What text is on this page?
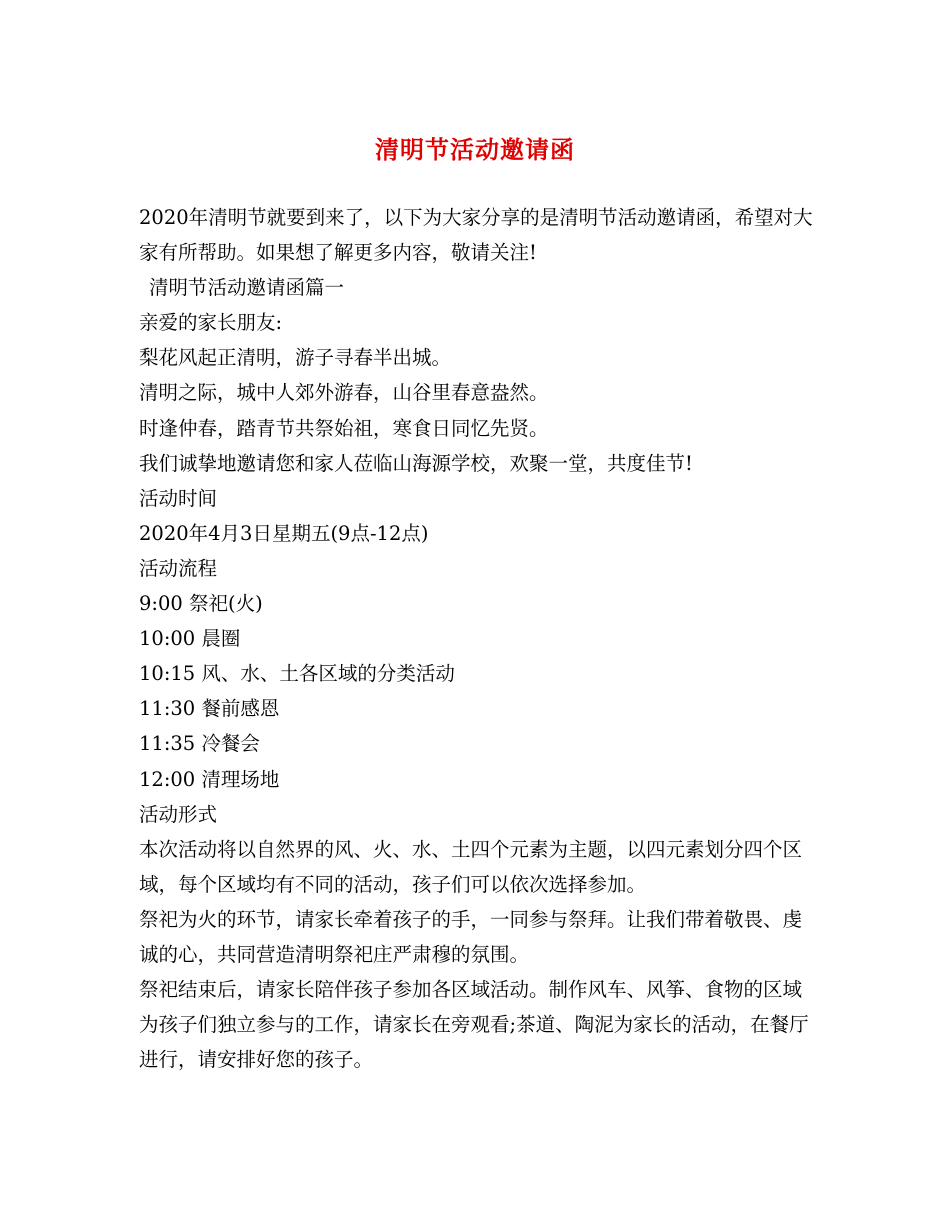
清明节活动邀请函

2020年清明节就要到来了，以下为大家分享的是清明节活动邀请函，希望对大家有所帮助。如果想了解更多内容，敬请关注!

清明节活动邀请函篇一

亲爱的家长朋友:

梨花风起正清明，游子寻春半出城。

清明之际，城中人郊外游春，山谷里春意盎然。

时逢仲春，踏青节共祭始祖，寒食日同忆先贤。

我们诚挚地邀请您和家人莅临山海源学校，欢聚一堂，共度佳节!

活动时间

2020年4月3日星期五(9点-12点)

活动流程

9:00 祭祀(火)

10:00 晨圈

10:15 风、水、土各区域的分类活动

11:30 餐前感恩

11:35 冷餐会

12:00 清理场地

活动形式

本次活动将以自然界的风、火、水、土四个元素为主题，以四元素划分四个区域，每个区域均有不同的活动，孩子们可以依次选择参加。

祭祀为火的环节，请家长牵着孩子的手，一同参与祭拜。让我们带着敬畏、虔诚的心，共同营造清明祭祀庄严肃穆的氛围。

祭祀结束后，请家长陪伴孩子参加各区域活动。制作风车、风筝、食物的区域为孩子们独立参与的工作，请家长在旁观看;茶道、陶泥为家长的活动，在餐厅进行，请安排好您的孩子。
